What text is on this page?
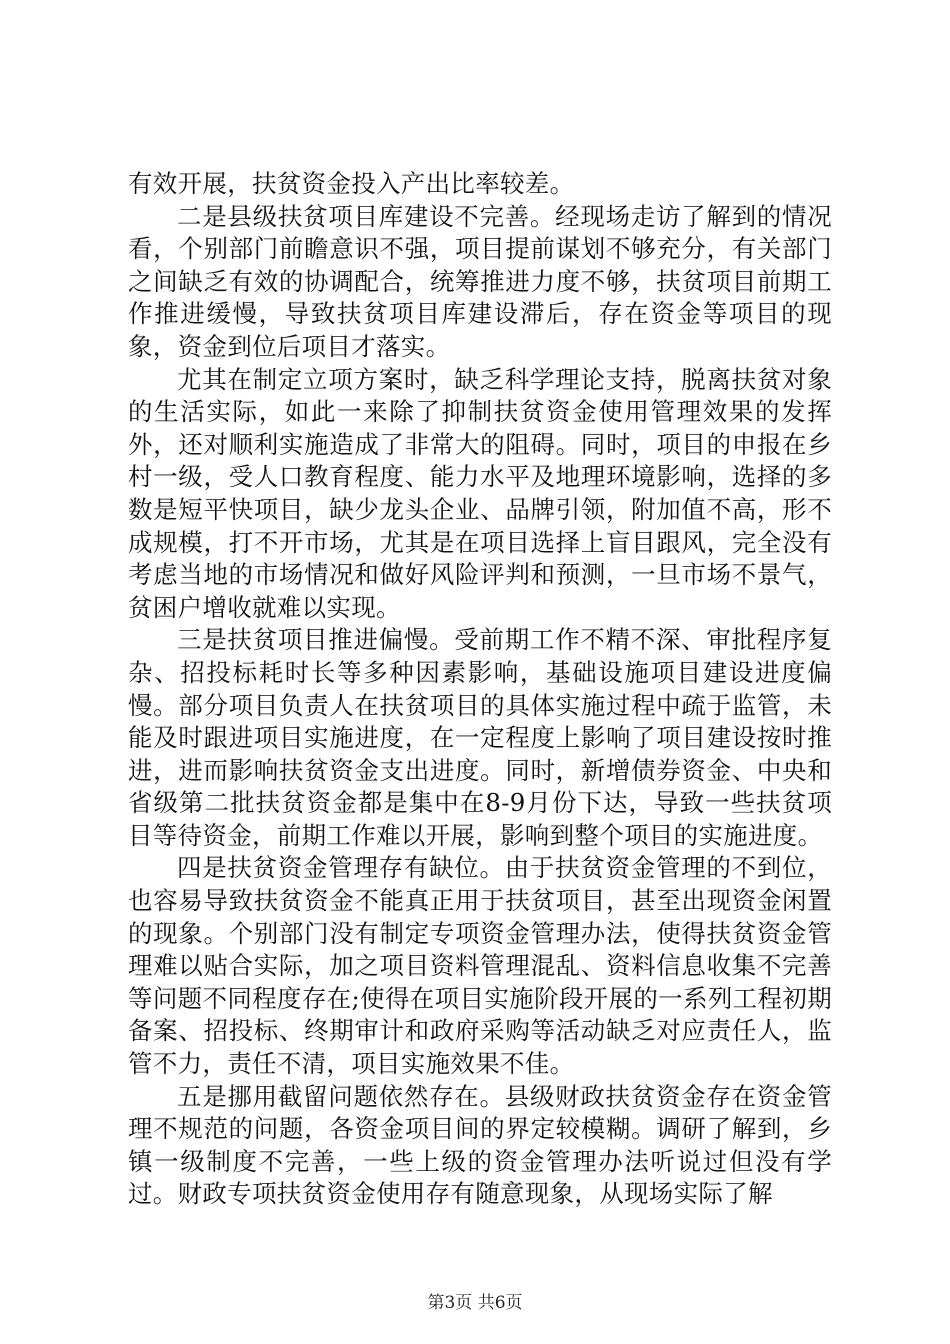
有效开展，扶贫资金投入产出比率较差。

二是县级扶贫项目库建设不完善。经现场走访了解到的情况看，个别部门前瞻意识不强，项目提前谋划不够充分，有关部门之间缺乏有效的协调配合，统筹推进力度不够，扶贫项目前期工作推进缓慢，导致扶贫项目库建设滞后，存在资金等项目的现象，资金到位后项目才落实。

尤其在制定立项方案时，缺乏科学理论支持，脱离扶贫对象的生活实际，如此一来除了抑制扶贫资金使用管理效果的发挥外，还对顺利实施造成了非常大的阻碍。同时，项目的申报在乡村一级，受人口教育程度、能力水平及地理环境影响，选择的多数是短平快项目，缺少龙头企业、品牌引领，附加值不高，形不成规模，打不开市场，尤其是在项目选择上盲目跟风，完全没有考虑当地的市场情况和做好风险评判和预测，一旦市场不景气，贫困户增收就难以实现。

三是扶贫项目推进偏慢。受前期工作不精不深、审批程序复杂、招投标耗时长等多种因素影响，基础设施项目建设进度偏慢。部分项目负责人在扶贫项目的具体实施过程中疏于监管，未能及时跟进项目实施进度，在一定程度上影响了项目建设按时推进，进而影响扶贫资金支出进度。同时，新增债券资金、中央和省级第二批扶贫资金都是集中在8-9月份下达，导致一些扶贫项目等待资金，前期工作难以开展，影响到整个项目的实施进度。

四是扶贫资金管理存有缺位。由于扶贫资金管理的不到位，也容易导致扶贫资金不能真正用于扶贫项目，甚至出现资金闲置的现象。个别部门没有制定专项资金管理办法，使得扶贫资金管理难以贴合实际，加之项目资料管理混乱、资料信息收集不完善等问题不同程度存在;使得在项目实施阶段开展的一系列工程初期备案、招投标、终期审计和政府采购等活动缺乏对应责任人，监管不力，责任不清，项目实施效果不佳。

五是挪用截留问题依然存在。县级财政扶贫资金存在资金管理不规范的问题，各资金项目间的界定较模糊。调研了解到，乡镇一级制度不完善，一些上级的资金管理办法听说过但没有学过。财政专项扶贫资金使用存有随意现象，从现场实际了解

第3页 共6页
